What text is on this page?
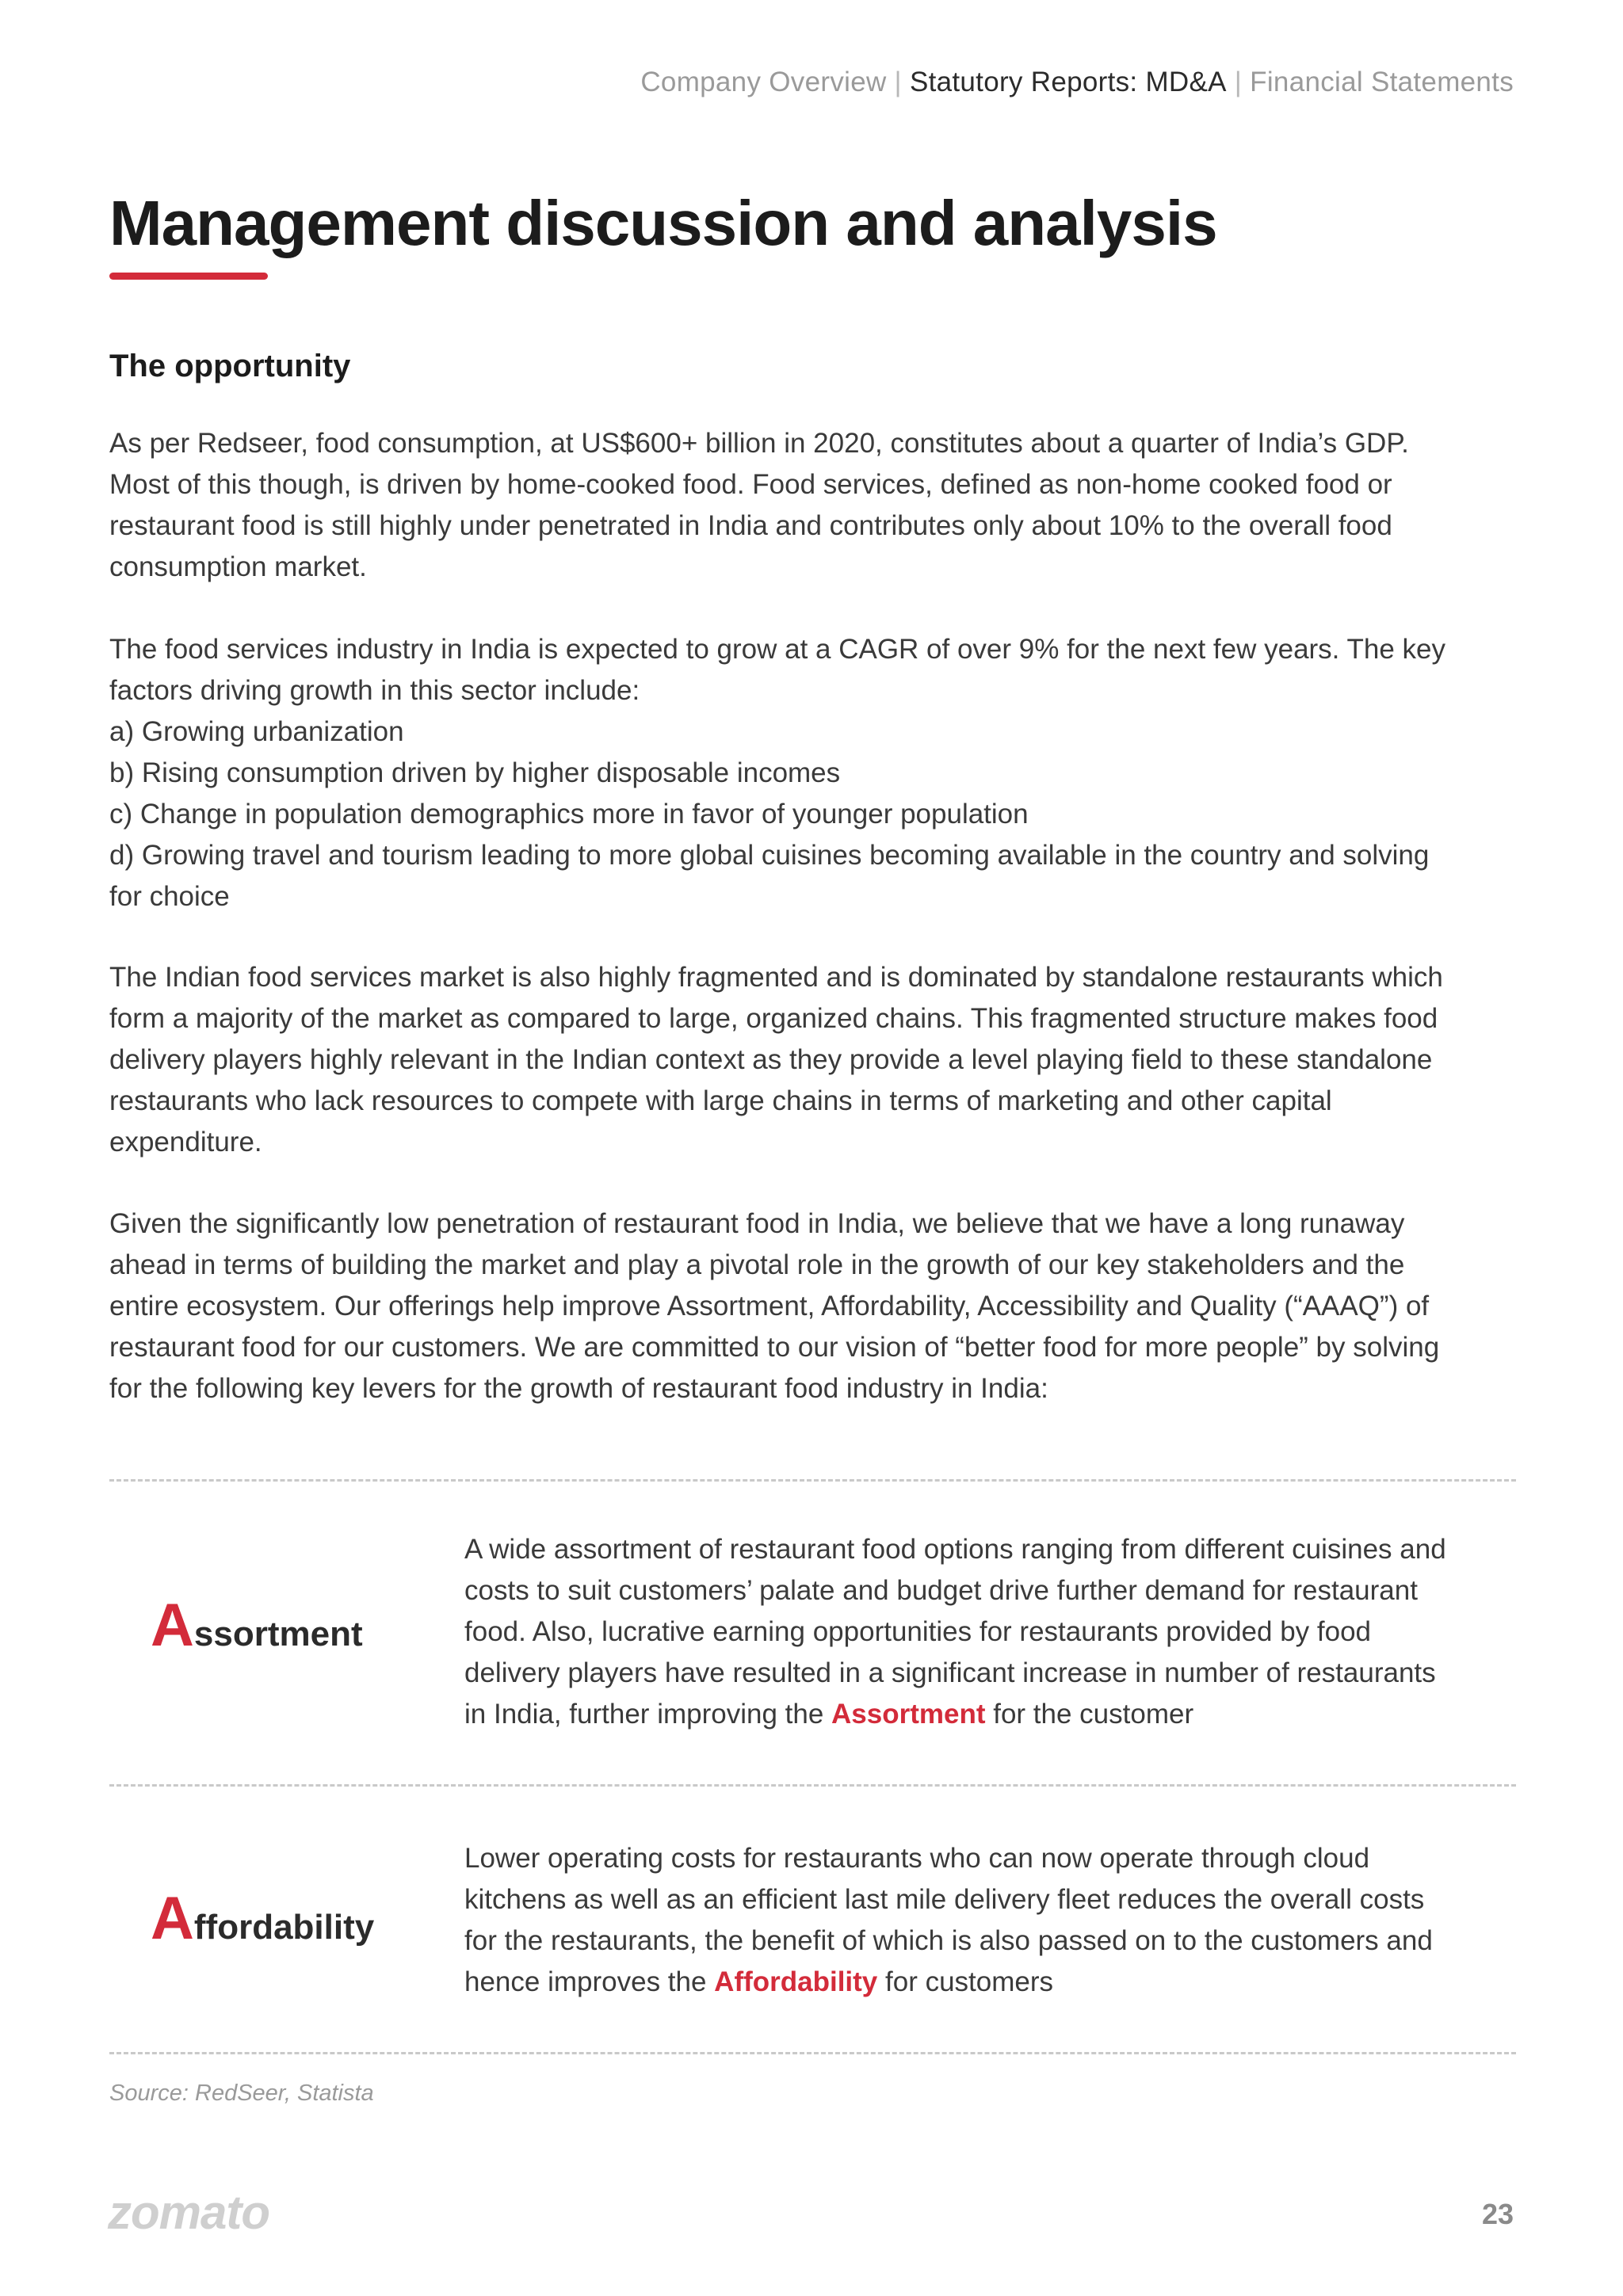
Company Overview | Statutory Reports: MD&A | Financial Statements
Management discussion and analysis
The opportunity

As per Redseer, food consumption, at US$600+ billion in 2020, constitutes about a quarter of India’s GDP.
Most of this though, is driven by home-cooked food. Food services, defined as non-home cooked food or
restaurant food is still highly under penetrated in India and contributes only about 10% to the overall food
consumption market.

The food services industry in India is expected to grow at a CAGR of over 9% for the next few years. The key
factors driving growth in this sector include:
a) Growing urbanization
b) Rising consumption driven by higher disposable incomes
c) Change in population demographics more in favor of younger population
d) Growing travel and tourism leading to more global cuisines becoming available in the country and solving
for choice

The Indian food services market is also highly fragmented and is dominated by standalone restaurants which
form a majority of the market as compared to large, organized chains. This fragmented structure makes food
delivery players highly relevant in the Indian context as they provide a level playing field to these standalone
restaurants who lack resources to compete with large chains in terms of marketing and other capital
expenditure.

Given the significantly low penetration of restaurant food in India, we believe that we have a long runaway
ahead in terms of building the market and play a pivotal role in the growth of our key stakeholders and the
entire ecosystem. Our offerings help improve Assortment, Affordability, Accessibility and Quality (“AAAQ”) of
restaurant food for our customers. We are committed to our vision of “better food for more people” by solving
for the following key levers for the growth of restaurant food industry in India:

Assortment
A wide assortment of restaurant food options ranging from different cuisines and
costs to suit customers’ palate and budget drive further demand for restaurant
food. Also, lucrative earning opportunities for restaurants provided by food
delivery players have resulted in a significant increase in number of restaurants
in India, further improving the Assortment for the customer
Affordability
Lower operating costs for restaurants who can now operate through cloud
kitchens as well as an efficient last mile delivery fleet reduces the overall costs
for the restaurants, the benefit of which is also passed on to the customers and
hence improves the Affordability for customers
Source: RedSeer, Statista
zomato	23
